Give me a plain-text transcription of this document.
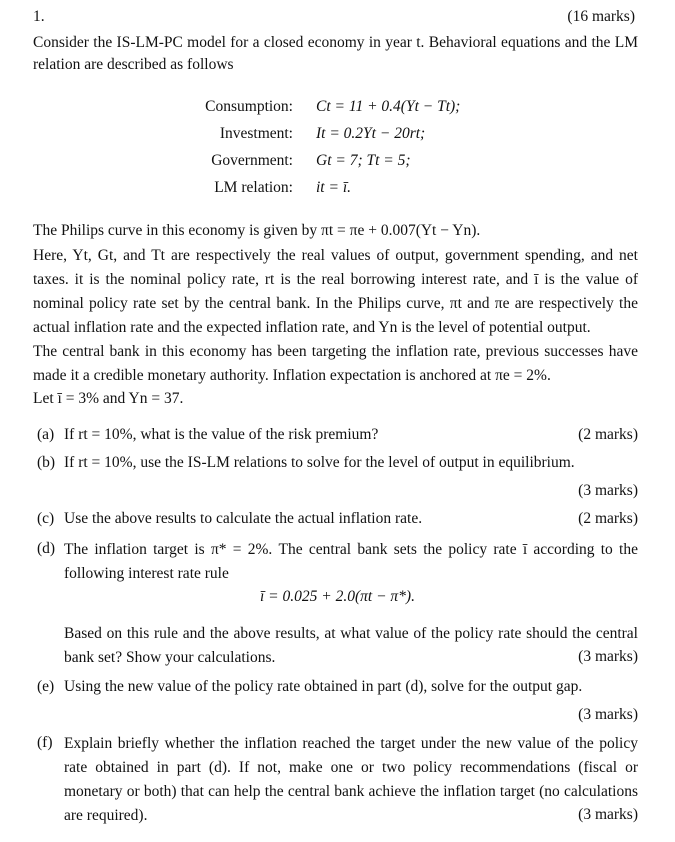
1.	(16 marks)
Consider the IS-LM-PC model for a closed economy in year t. Behavioral equations and the LM relation are described as follows
Consumption: Ct = 11 + 0.4(Yt − Tt);
Investment: It = 0.2Yt − 20rt;
Government: Gt = 7; Tt = 5;
LM relation: it = ī.
The Philips curve in this economy is given by πt = πe + 0.007(Yt − Yn).
Here, Yt, Gt, and Tt are respectively the real values of output, government spending, and net taxes. it is the nominal policy rate, rt is the real borrowing interest rate, and ī is the value of nominal policy rate set by the central bank. In the Philips curve, πt and πe are respectively the actual inflation rate and the expected inflation rate, and Yn is the level of potential output.
The central bank in this economy has been targeting the inflation rate, previous successes have made it a credible monetary authority. Inflation expectation is anchored at πe = 2%.
Let ī = 3% and Yn = 37.
(a) If rt = 10%, what is the value of the risk premium?	(2 marks)
(b) If rt = 10%, use the IS-LM relations to solve for the level of output in equilibrium.
(3 marks)
(c) Use the above results to calculate the actual inflation rate.	(2 marks)
(d) The inflation target is π* = 2%. The central bank sets the policy rate ī according to the following interest rate rule
Based on this rule and the above results, at what value of the policy rate should the central bank set? Show your calculations.	(3 marks)
ī = 0.025 + 2.0(πt − π*).
(e) Using the new value of the policy rate obtained in part (d), solve for the output gap.
(3 marks)
(f) Explain briefly whether the inflation reached the target under the new value of the policy rate obtained in part (d). If not, make one or two policy recommendations (fiscal or monetary or both) that can help the central bank achieve the inflation target (no calculations are required).	(3 marks)
